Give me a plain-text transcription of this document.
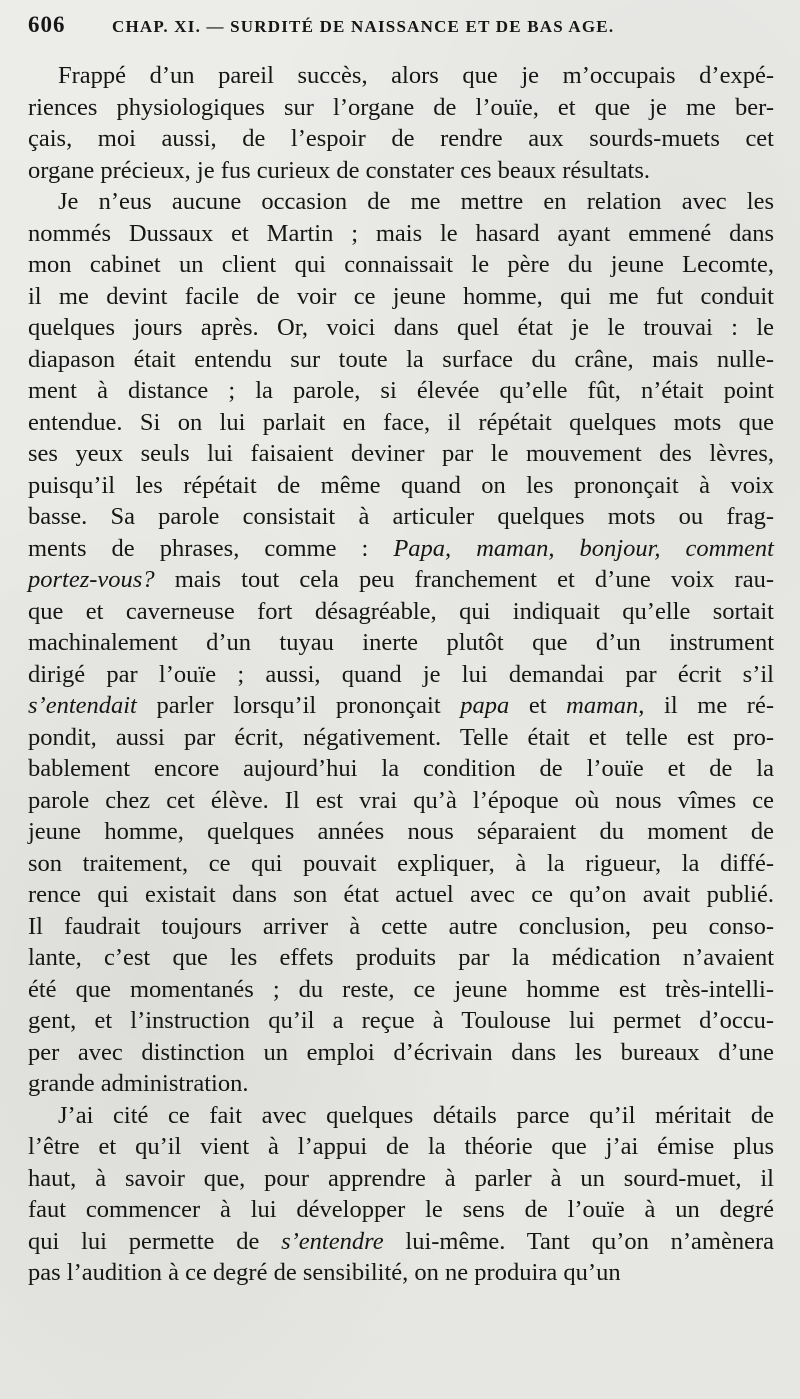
606	CHAP. XI. — SURDITÉ DE NAISSANCE ET DE BAS AGE.
Frappé d’un pareil succès, alors que je m’occupais d’expé-
riences physiologiques sur l’organe de l’ouïe, et que je me ber-
çais, moi aussi, de l’espoir de rendre aux sourds-muets cet
organe précieux, je fus curieux de constater ces beaux résultats.
Je n’eus aucune occasion de me mettre en relation avec les
nommés Dussaux et Martin ; mais le hasard ayant emmené dans
mon cabinet un client qui connaissait le père du jeune Lecomte,
il me devint facile de voir ce jeune homme, qui me fut conduit
quelques jours après. Or, voici dans quel état je le trouvai : le
diapason était entendu sur toute la surface du crâne, mais nulle-
ment à distance ; la parole, si élevée qu’elle fût, n’était point
entendue. Si on lui parlait en face, il répétait quelques mots que
ses yeux seuls lui faisaient deviner par le mouvement des lèvres,
puisqu’il les répétait de même quand on les prononçait à voix
basse. Sa parole consistait à articuler quelques mots ou frag-
ments de phrases, comme : Papa, maman, bonjour, comment
portez-vous? mais tout cela peu franchement et d’une voix rau-
que et caverneuse fort désagréable, qui indiquait qu’elle sortait
machinalement d’un tuyau inerte plutôt que d’un instrument
dirigé par l’ouïe ; aussi, quand je lui demandai par écrit s’il
s’entendait parler lorsqu’il prononçait papa et maman, il me ré-
pondit, aussi par écrit, négativement. Telle était et telle est pro-
bablement encore aujourd’hui la condition de l’ouïe et de la
parole chez cet élève. Il est vrai qu’à l’époque où nous vîmes ce
jeune homme, quelques années nous séparaient du moment de
son traitement, ce qui pouvait expliquer, à la rigueur, la diffé-
rence qui existait dans son état actuel avec ce qu’on avait publié.
Il faudrait toujours arriver à cette autre conclusion, peu conso-
lante, c’est que les effets produits par la médication n’avaient
été que momentanés ; du reste, ce jeune homme est très-intelli-
gent, et l’instruction qu’il a reçue à Toulouse lui permet d’occu-
per avec distinction un emploi d’écrivain dans les bureaux d’une
grande administration.
J’ai cité ce fait avec quelques détails parce qu’il méritait de
l’être et qu’il vient à l’appui de la théorie que j’ai émise plus
haut, à savoir que, pour apprendre à parler à un sourd-muet, il
faut commencer à lui développer le sens de l’ouïe à un degré
qui lui permette de s’entendre lui-même. Tant qu’on n’amènera
pas l’audition à ce degré de sensibilité, on ne produira qu’un
